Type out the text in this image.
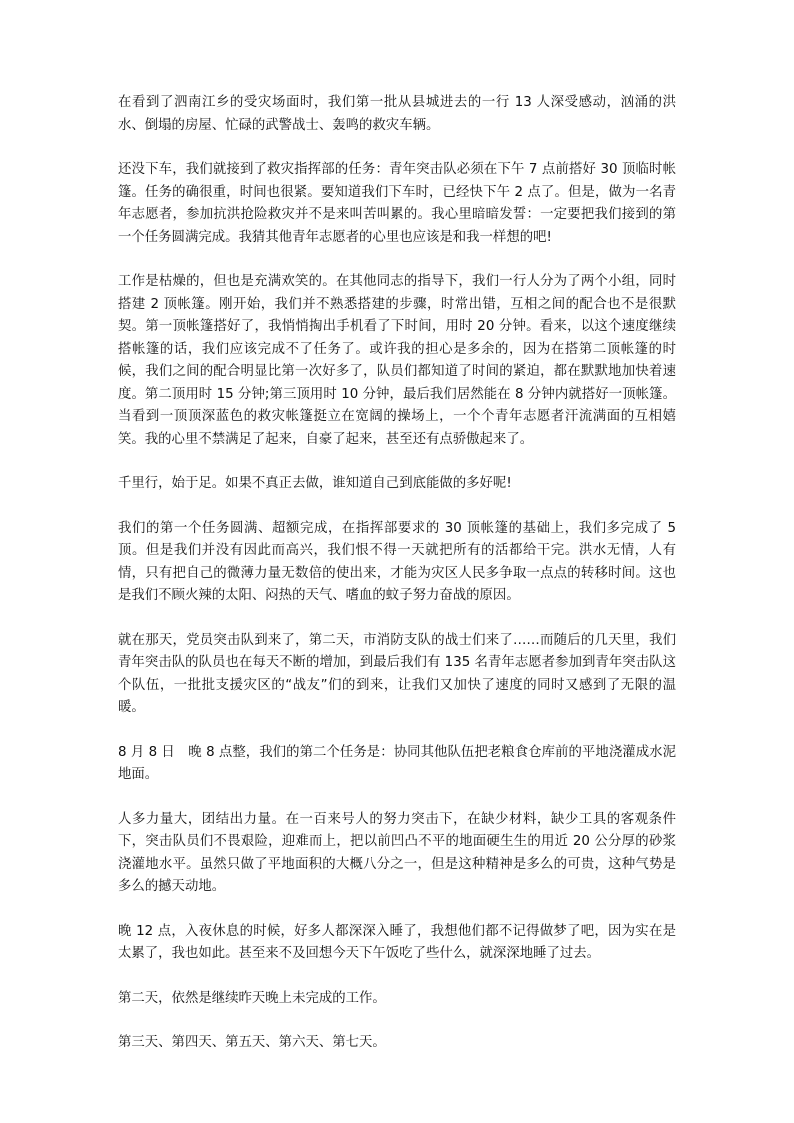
在看到了泗南江乡的受灾场面时，我们第一批从县城进去的一行 13 人深受感动，汹涌的洪水、倒塌的房屋、忙碌的武警战士、轰鸣的救灾车辆。

还没下车，我们就接到了救灾指挥部的任务：青年突击队必须在下午 7 点前搭好 30 顶临时帐篷。任务的确很重，时间也很紧。要知道我们下车时，已经快下午 2 点了。但是，做为一名青年志愿者，参加抗洪抢险救灾并不是来叫苦叫累的。我心里暗暗发誓：一定要把我们接到的第一个任务圆满完成。我猜其他青年志愿者的心里也应该是和我一样想的吧!

工作是枯燥的，但也是充满欢笑的。在其他同志的指导下，我们一行人分为了两个小组，同时搭建 2 顶帐篷。刚开始，我们并不熟悉搭建的步骤，时常出错，互相之间的配合也不是很默契。第一顶帐篷搭好了，我悄悄掏出手机看了下时间，用时 20 分钟。看来，以这个速度继续搭帐篷的话，我们应该完成不了任务了。或许我的担心是多余的，因为在搭第二顶帐篷的时候，我们之间的配合明显比第一次好多了，队员们都知道了时间的紧迫，都在默默地加快着速度。第二顶用时 15 分钟;第三顶用时 10 分钟，最后我们居然能在 8 分钟内就搭好一顶帐篷。当看到一顶顶深蓝色的救灾帐篷挺立在宽阔的操场上，一个个青年志愿者汗流满面的互相嬉笑。我的心里不禁满足了起来，自豪了起来，甚至还有点骄傲起来了。

千里行，始于足。如果不真正去做，谁知道自己到底能做的多好呢!

我们的第一个任务圆满、超额完成，在指挥部要求的 30 顶帐篷的基础上，我们多完成了 5 顶。但是我们并没有因此而高兴，我们恨不得一天就把所有的活都给干完。洪水无情，人有情，只有把自己的微薄力量无数倍的使出来，才能为灾区人民多争取一点点的转移时间。这也是我们不顾火辣的太阳、闷热的天气、嗜血的蚊子努力奋战的原因。

就在那天，党员突击队到来了，第二天，市消防支队的战士们来了……而随后的几天里，我们青年突击队的队员也在每天不断的增加，到最后我们有 135 名青年志愿者参加到青年突击队这个队伍，一批批支援灾区的“战友”们的到来，让我们又加快了速度的同时又感到了无限的温暖。

8 月 8 日　晚 8 点整，我们的第二个任务是：协同其他队伍把老粮食仓库前的平地浇灌成水泥地面。

人多力量大，团结出力量。在一百来号人的努力突击下，在缺少材料，缺少工具的客观条件下，突击队员们不畏艰险，迎难而上，把以前凹凸不平的地面硬生生的用近 20 公分厚的砂浆浇灌地水平。虽然只做了平地面积的大概八分之一，但是这种精神是多么的可贵，这种气势是多么的撼天动地。

晚 12 点，入夜休息的时候，好多人都深深入睡了，我想他们都不记得做梦了吧，因为实在是太累了，我也如此。甚至来不及回想今天下午饭吃了些什么，就深深地睡了过去。

第二天，依然是继续昨天晚上未完成的工作。

第三天、第四天、第五天、第六天、第七天。
